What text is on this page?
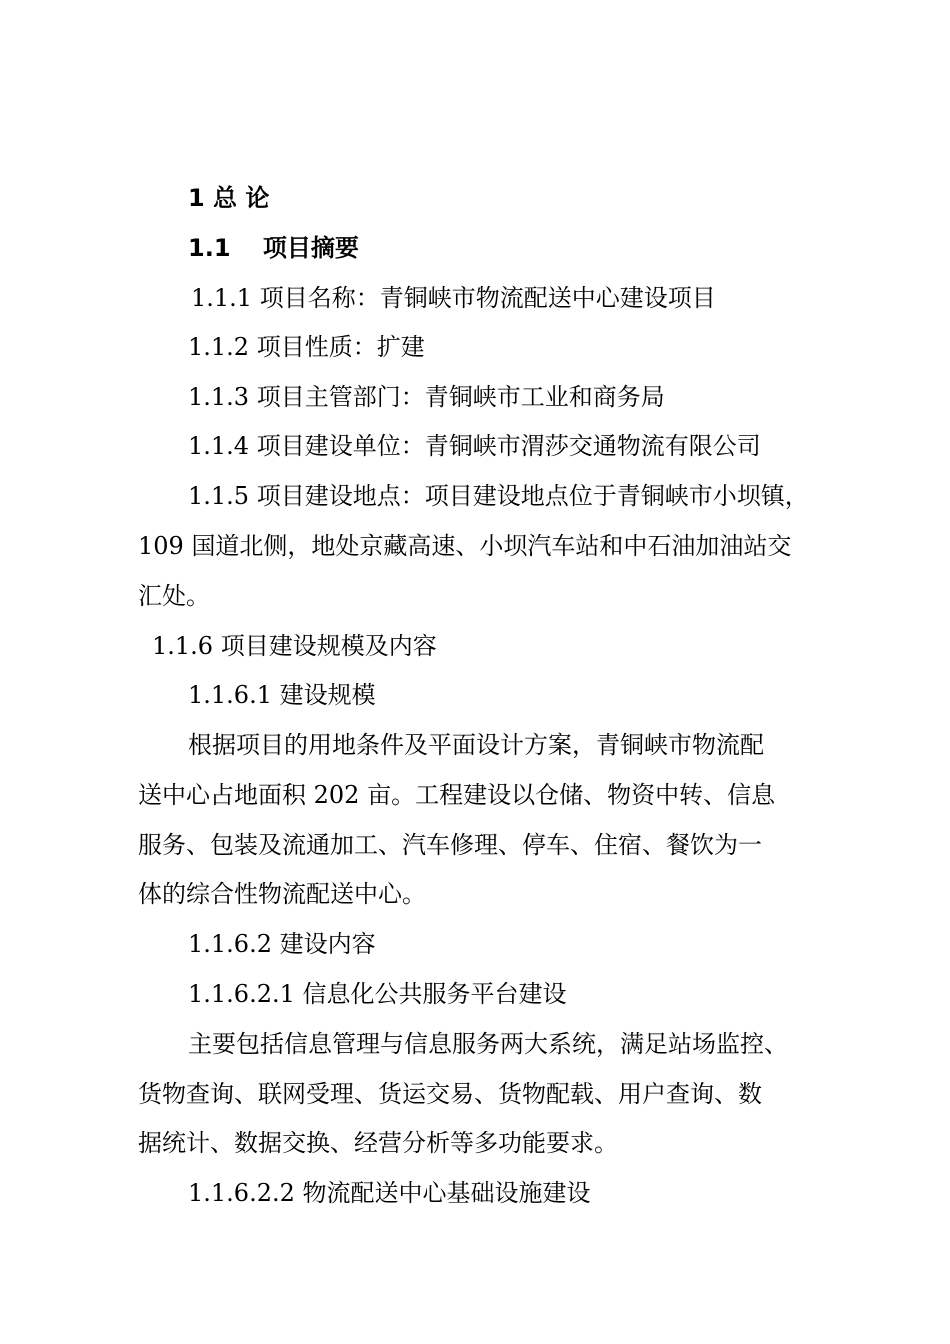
1 总 论
1.1　 项目摘要
1.1.1 项目名称：青铜峡市物流配送中心建设项目
1.1.2 项目性质：扩建
1.1.3 项目主管部门：青铜峡市工业和商务局
1.1.4 项目建设单位：青铜峡市渭莎交通物流有限公司
1.1.5 项目建设地点：项目建设地点位于青铜峡市小坝镇，
109 国道北侧，地处京藏高速、小坝汽车站和中石油加油站交
汇处。
1.1.6 项目建设规模及内容
1.1.6.1 建设规模
根据项目的用地条件及平面设计方案，青铜峡市物流配
送中心占地面积 202 亩。工程建设以仓储、物资中转、信息
服务、包装及流通加工、汽车修理、停车、住宿、餐饮为一
体的综合性物流配送中心。
1.1.6.2 建设内容
1.1.6.2.1 信息化公共服务平台建设
主要包括信息管理与信息服务两大系统，满足站场监控、
货物查询、联网受理、货运交易、货物配载、用户查询、数
据统计、数据交换、经营分析等多功能要求。
1.1.6.2.2 物流配送中心基础设施建设
